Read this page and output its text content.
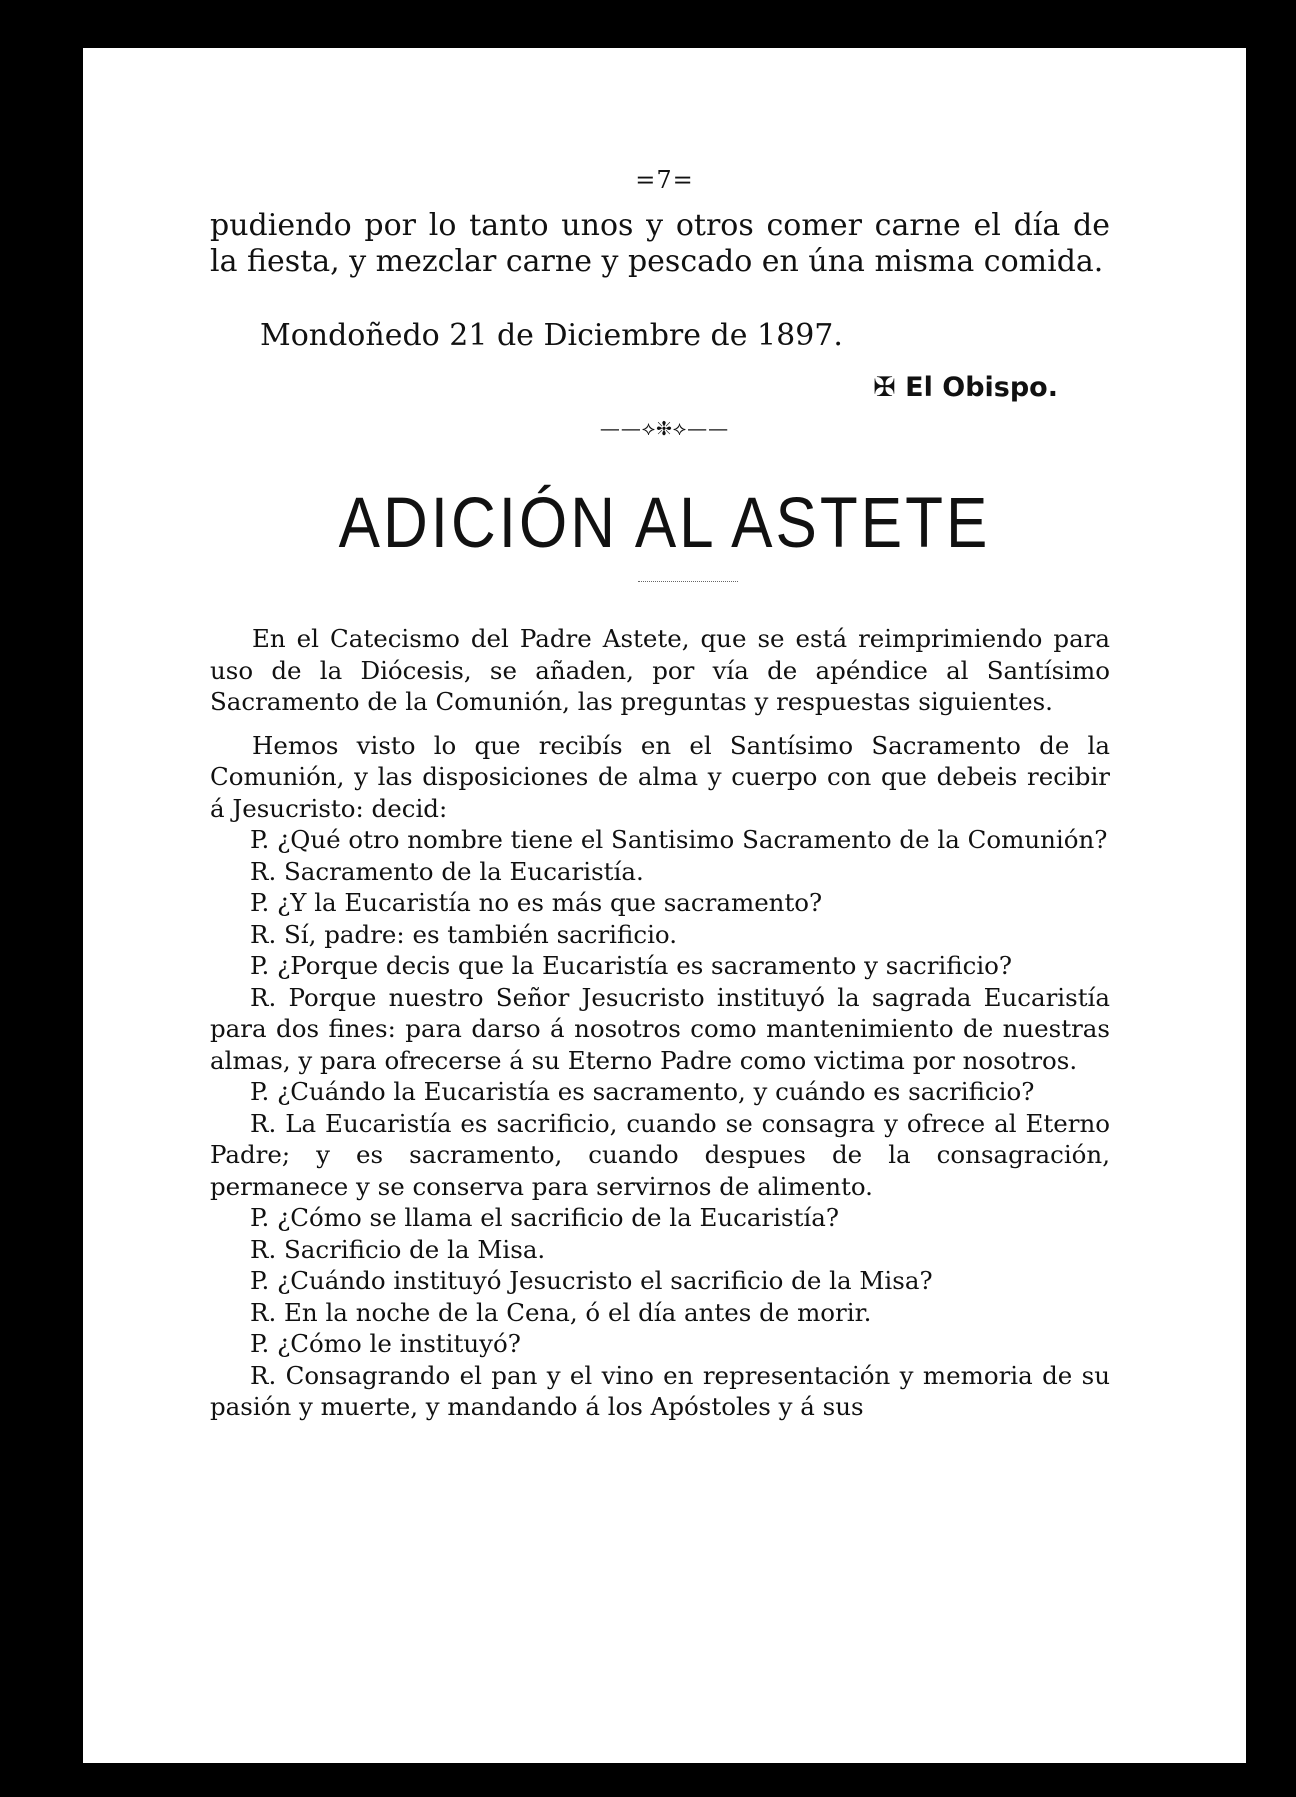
=7=
pudiendo por lo tanto unos y otros comer carne el día de la fiesta, y mezclar carne y pescado en úna misma comida.
Mondoñedo 21 de Diciembre de 1897.
✠ El Obispo.
——⟡❈⟡——
ADICIÓN AL ASTETE

En el Catecismo del Padre Astete, que se está reimprimiendo para uso de la Diócesis, se añaden, por vía de apéndice al Santísimo Sacramento de la Comunión, las preguntas y respuestas siguientes.

Hemos visto lo que recibís en el Santísimo Sacramento de la Comunión, y las disposiciones de alma y cuerpo con que debeis recibir á Jesucristo: decid:

P. ¿Qué otro nombre tiene el Santisimo Sacramento de la Comunión?

R. Sacramento de la Eucaristía.

P. ¿Y la Eucaristía no es más que sacramento?

R. Sí, padre: es también sacrificio.

P. ¿Porque decis que la Eucaristía es sacramento y sacrificio?

R. Porque nuestro Señor Jesucristo instituyó la sagrada Eucaristía para dos fines: para darso á nosotros como mantenimiento de nuestras almas, y para ofrecerse á su Eterno Padre como victima por nosotros.

P. ¿Cuándo la Eucaristía es sacramento, y cuándo es sacrificio?

R. La Eucaristía es sacrificio, cuando se consagra y ofrece al Eterno Padre; y es sacramento, cuando despues de la consagración, permanece y se conserva para servirnos de alimento.

P. ¿Cómo se llama el sacrificio de la Eucaristía?

R. Sacrificio de la Misa.

P. ¿Cuándo instituyó Jesucristo el sacrificio de la Misa?

R. En la noche de la Cena, ó el día antes de morir.

P. ¿Cómo le instituyó?

R. Consagrando el pan y el vino en representación y memoria de su pasión y muerte, y mandando á los Apóstoles y á sus
